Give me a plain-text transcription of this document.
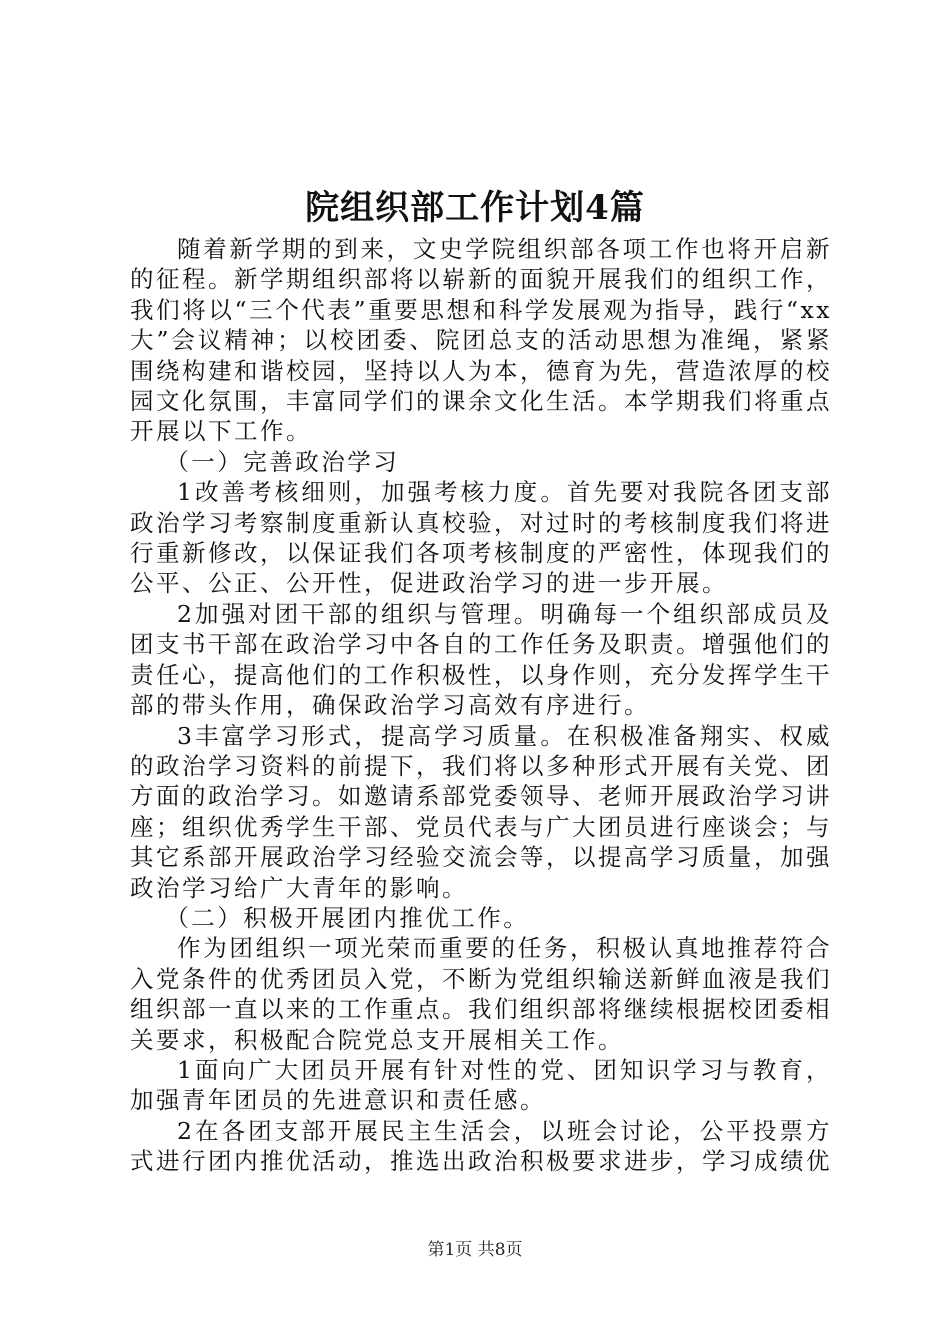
院组织部工作计划4篇

随着新学期的到来，文史学院组织部各项工作也将开启新的征程。新学期组织部将以崭新的面貌开展我们的组织工作，我们将以“三个代表”重要思想和科学发展观为指导，践行“xx大”会议精神；以校团委、院团总支的活动思想为准绳，紧紧围绕构建和谐校园，坚持以人为本，德育为先，营造浓厚的校园文化氛围，丰富同学们的课余文化生活。本学期我们将重点开展以下工作。

（一）完善政治学习

1改善考核细则，加强考核力度。首先要对我院各团支部政治学习考察制度重新认真校验，对过时的考核制度我们将进行重新修改，以保证我们各项考核制度的严密性，体现我们的公平、公正、公开性，促进政治学习的进一步开展。

2加强对团干部的组织与管理。明确每一个组织部成员及团支书干部在政治学习中各自的工作任务及职责。增强他们的责任心，提高他们的工作积极性，以身作则，充分发挥学生干部的带头作用，确保政治学习高效有序进行。

3丰富学习形式，提高学习质量。在积极准备翔实、权威的政治学习资料的前提下，我们将以多种形式开展有关党、团方面的政治学习。如邀请系部党委领导、老师开展政治学习讲座；组织优秀学生干部、党员代表与广大团员进行座谈会；与其它系部开展政治学习经验交流会等，以提高学习质量，加强政治学习给广大青年的影响。

（二）积极开展团内推优工作。

作为团组织一项光荣而重要的任务，积极认真地推荐符合入党条件的优秀团员入党，不断为党组织输送新鲜血液是我们组织部一直以来的工作重点。我们组织部将继续根据校团委相关要求，积极配合院党总支开展相关工作。

1面向广大团员开展有针对性的党、团知识学习与教育，加强青年团员的先进意识和责任感。

2在各团支部开展民主生活会，以班会讨论，公平投票方式进行团内推优活动，推选出政治积极要求进步，学习成绩优

第1页 共8页
